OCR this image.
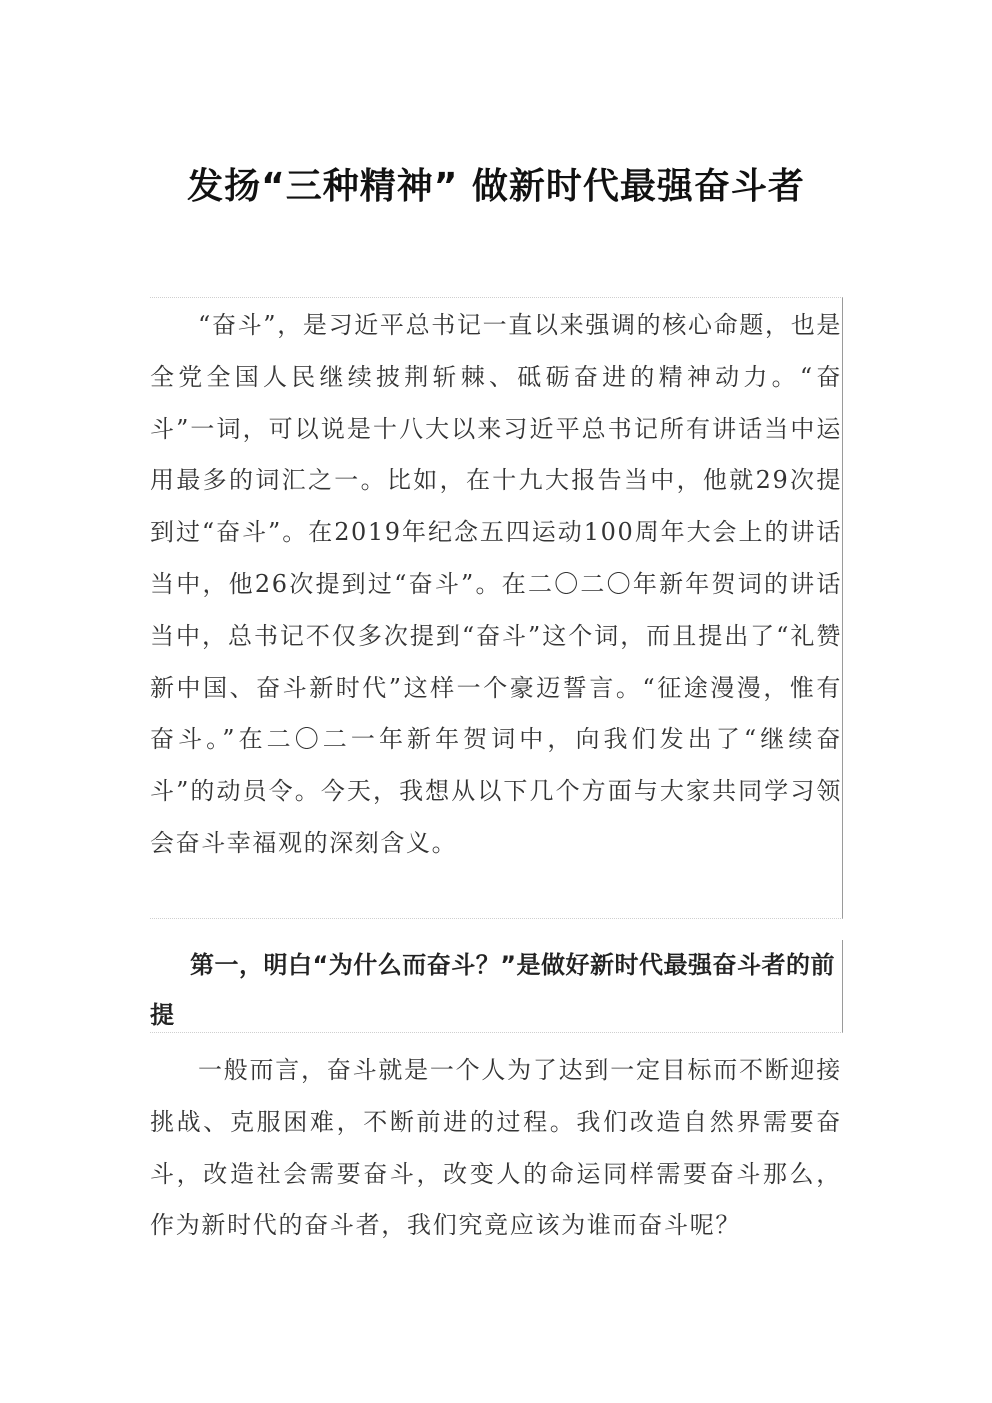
发扬“三种精神” 做新时代最强奋斗者

“奋斗”，是习近平总书记一直以来强调的核心命题，也是全党全国人民继续披荆斩棘、砥砺奋进的精神动力。“奋斗”一词，可以说是十八大以来习近平总书记所有讲话当中运用最多的词汇之一。比如，在十九大报告当中，他就29次提到过“奋斗”。在2019年纪念五四运动100周年大会上的讲话当中，他26次提到过“奋斗”。在二〇二〇年新年贺词的讲话当中，总书记不仅多次提到“奋斗”这个词，而且提出了“礼赞新中国、奋斗新时代”这样一个豪迈誓言。“征途漫漫，惟有奋斗。”在二〇二一年新年贺词中，向我们发出了“继续奋斗”的动员令。今天，我想从以下几个方面与大家共同学习领会奋斗幸福观的深刻含义。

第一，明白“为什么而奋斗？”是做好新时代最强奋斗者的前提

一般而言，奋斗就是一个人为了达到一定目标而不断迎接挑战、克服困难，不断前进的过程。我们改造自然界需要奋斗，改造社会需要奋斗，改变人的命运同样需要奋斗那么，作为新时代的奋斗者，我们究竟应该为谁而奋斗呢？
